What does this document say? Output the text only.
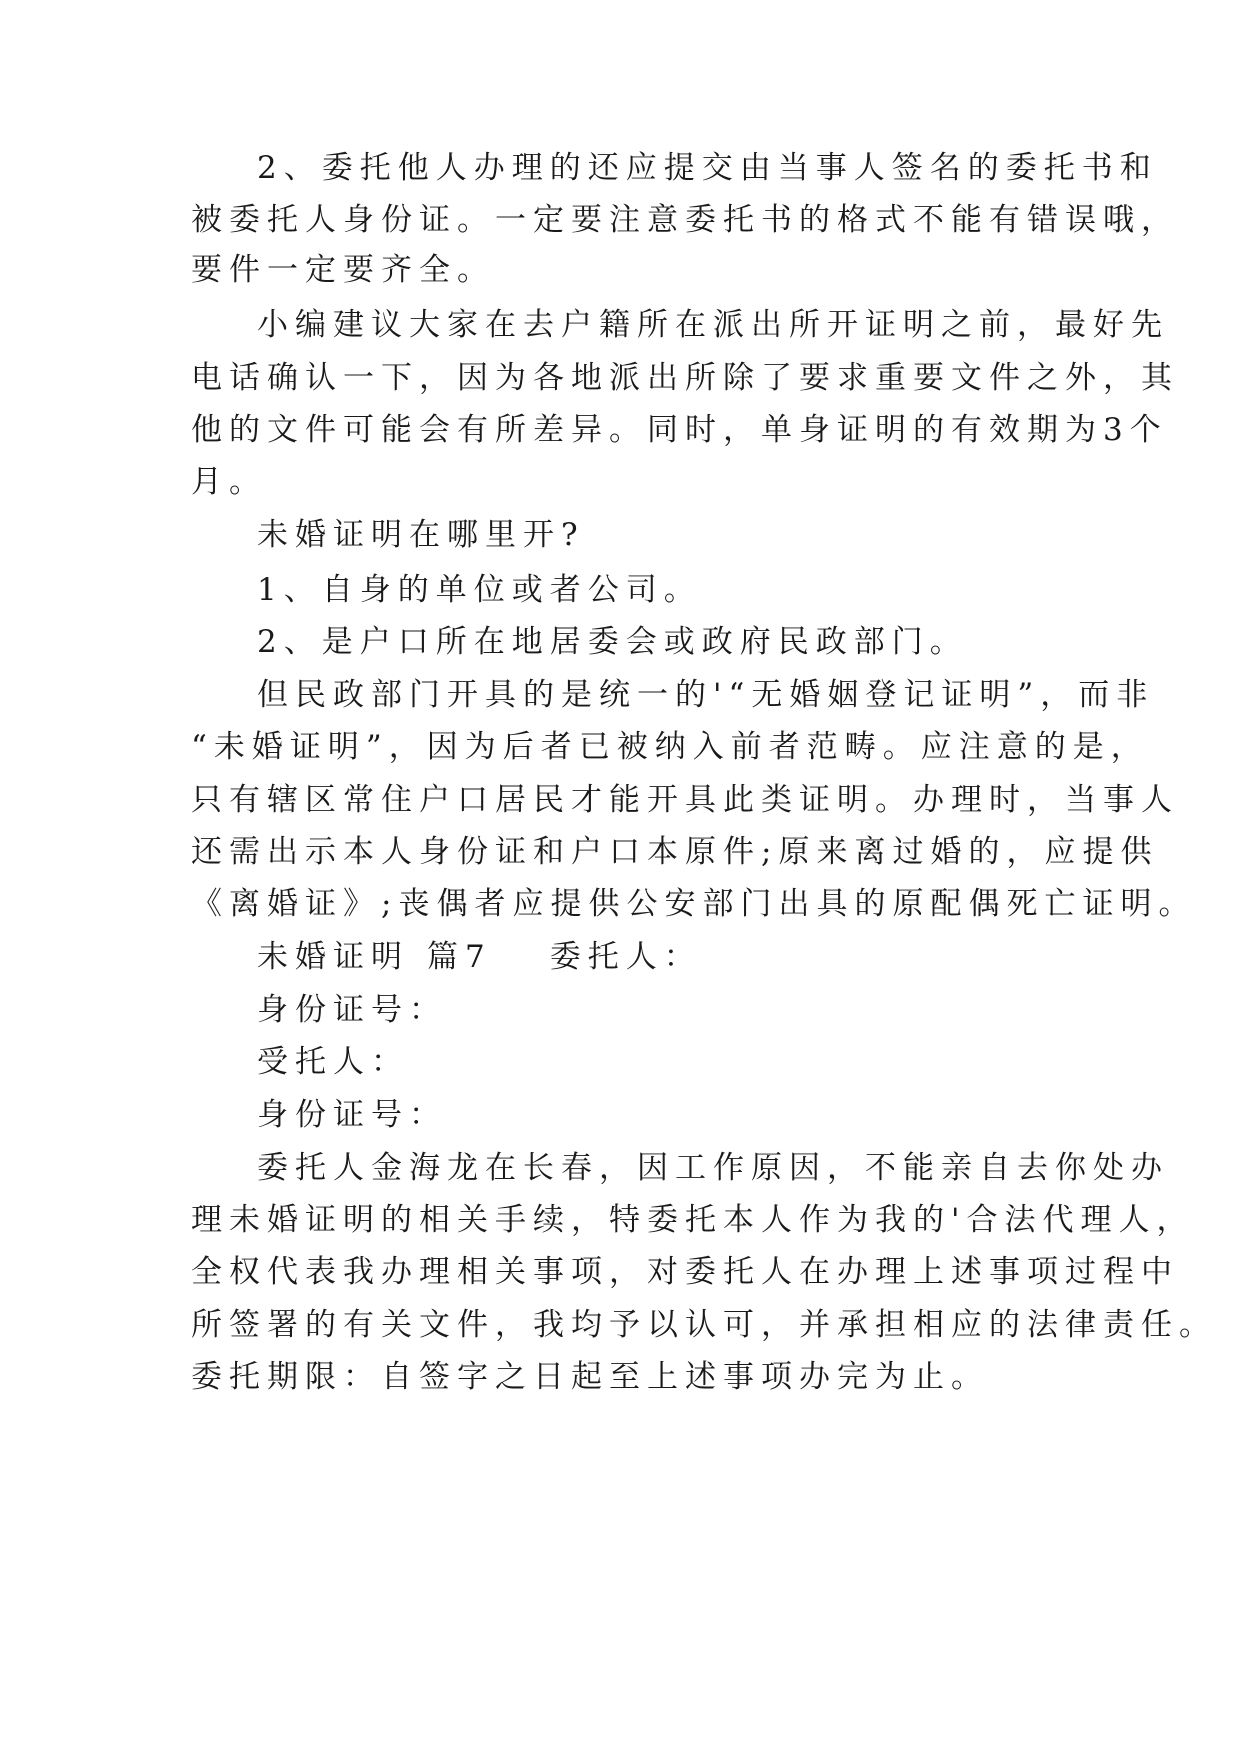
2、委托他人办理的还应提交由当事人签名的委托书和
被委托人身份证。一定要注意委托书的格式不能有错误哦，
要件一定要齐全。
小编建议大家在去户籍所在派出所开证明之前，最好先
电话确认一下，因为各地派出所除了要求重要文件之外，其
他的文件可能会有所差异。同时，单身证明的有效期为3个
月。
未婚证明在哪里开?
1、自身的单位或者公司。
2、是户口所在地居委会或政府民政部门。
但民政部门开具的是统一的'“无婚姻登记证明”，而非
“未婚证明”，因为后者已被纳入前者范畴。应注意的是，
只有辖区常住户口居民才能开具此类证明。办理时，当事人
还需出示本人身份证和户口本原件;原来离过婚的，应提供
《离婚证》;丧偶者应提供公安部门出具的原配偶死亡证明。
未婚证明 篇7 委托人：
身份证号：
受托人：
身份证号：
委托人金海龙在长春，因工作原因，不能亲自去你处办
理未婚证明的相关手续，特委托本人作为我的'合法代理人，
全权代表我办理相关事项，对委托人在办理上述事项过程中
所签署的有关文件，我均予以认可，并承担相应的法律责任。
委托期限：自签字之日起至上述事项办完为止。
